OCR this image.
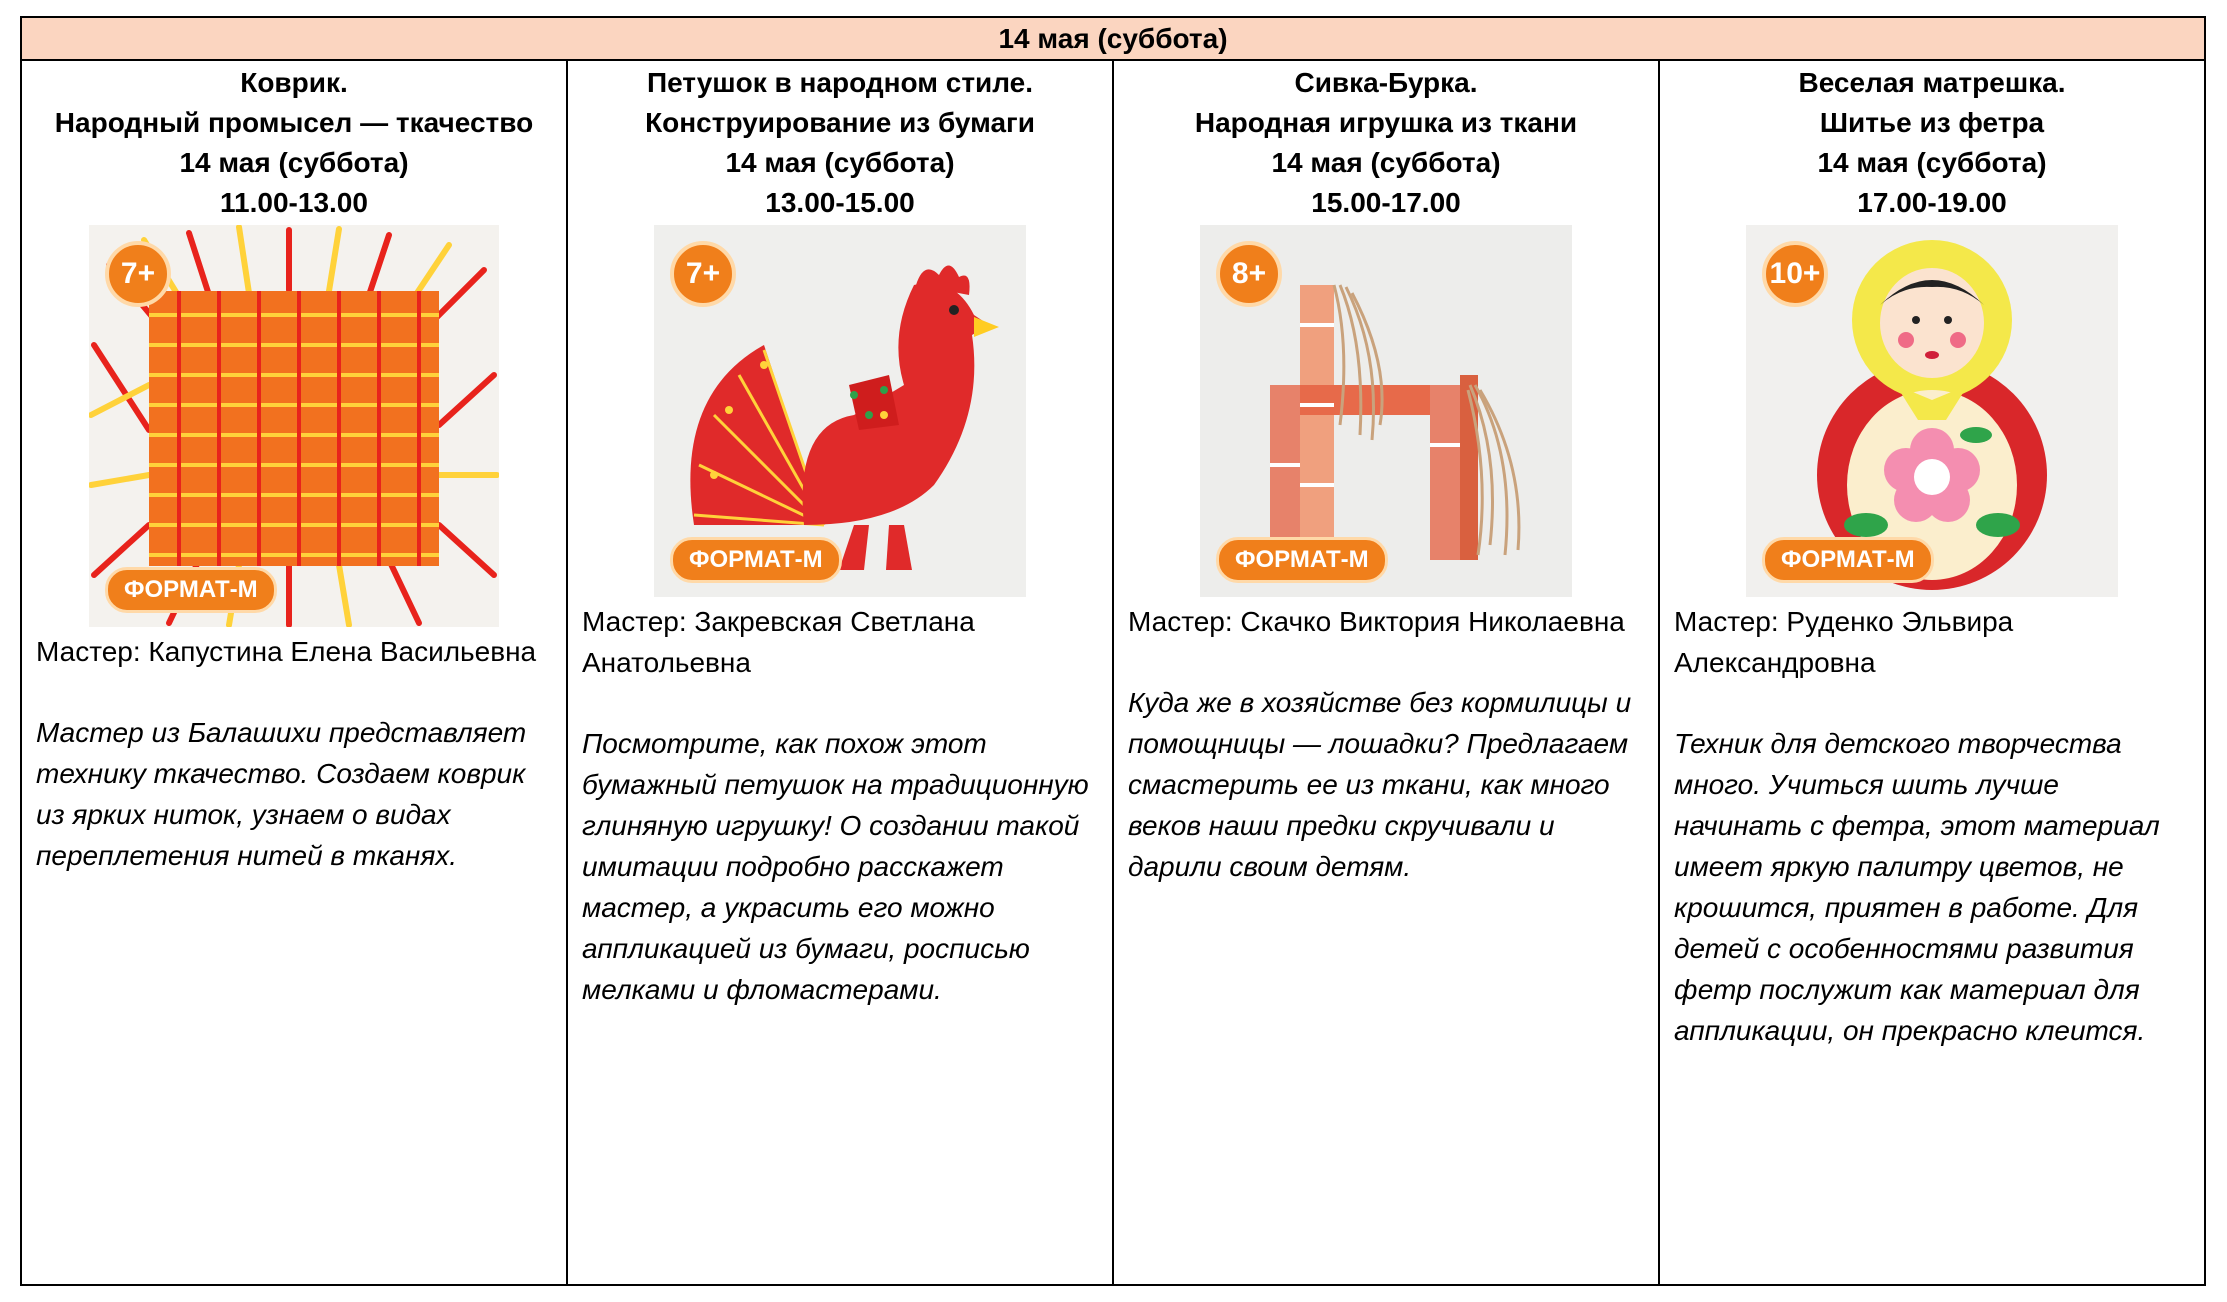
14 мая (суббота)
Коврик.
Народный промысел — ткачество
14 мая (суббота)
11.00-13.00
7+
ФОРМАТ-М
Мастер: Капустина Елена Васильевна
Мастер из Балашихи представляет технику ткачество. Создаем коврик из ярких ниток, узнаем о видах переплетения нитей в тканях.
Петушок в народном стиле.
Конструирование из бумаги
14 мая (суббота)
13.00-15.00
7+
ФОРМАТ-М
Мастер: Закревская Светлана Анатольевна
Посмотрите, как похож этот бумажный петушок на традиционную глиняную игрушку! О создании такой имитации подробно расскажет мастер, а украсить его можно аппликацией из бумаги, росписью мелками и фломастерами.
Сивка-Бурка.
Народная игрушка из ткани
14 мая (суббота)
15.00-17.00
8+
ФОРМАТ-М
Мастер: Скачко Виктория Николаевна
Куда же в хозяйстве без кормилицы и помощницы — лошадки? Предлагаем смастерить ее из ткани, как много веков наши предки скручивали и дарили своим детям.
Веселая матрешка.
Шитье из фетра
14 мая (суббота)
17.00-19.00
10+
ФОРМАТ-М
Мастер: Руденко Эльвира Александровна
Техник для детского творчества много. Учиться шить лучше начинать с фетра, этот материал имеет яркую палитру цветов, не крошится, приятен в работе. Для детей с особенностями развития фетр послужит как материал для аппликации, он прекрасно клеится.
